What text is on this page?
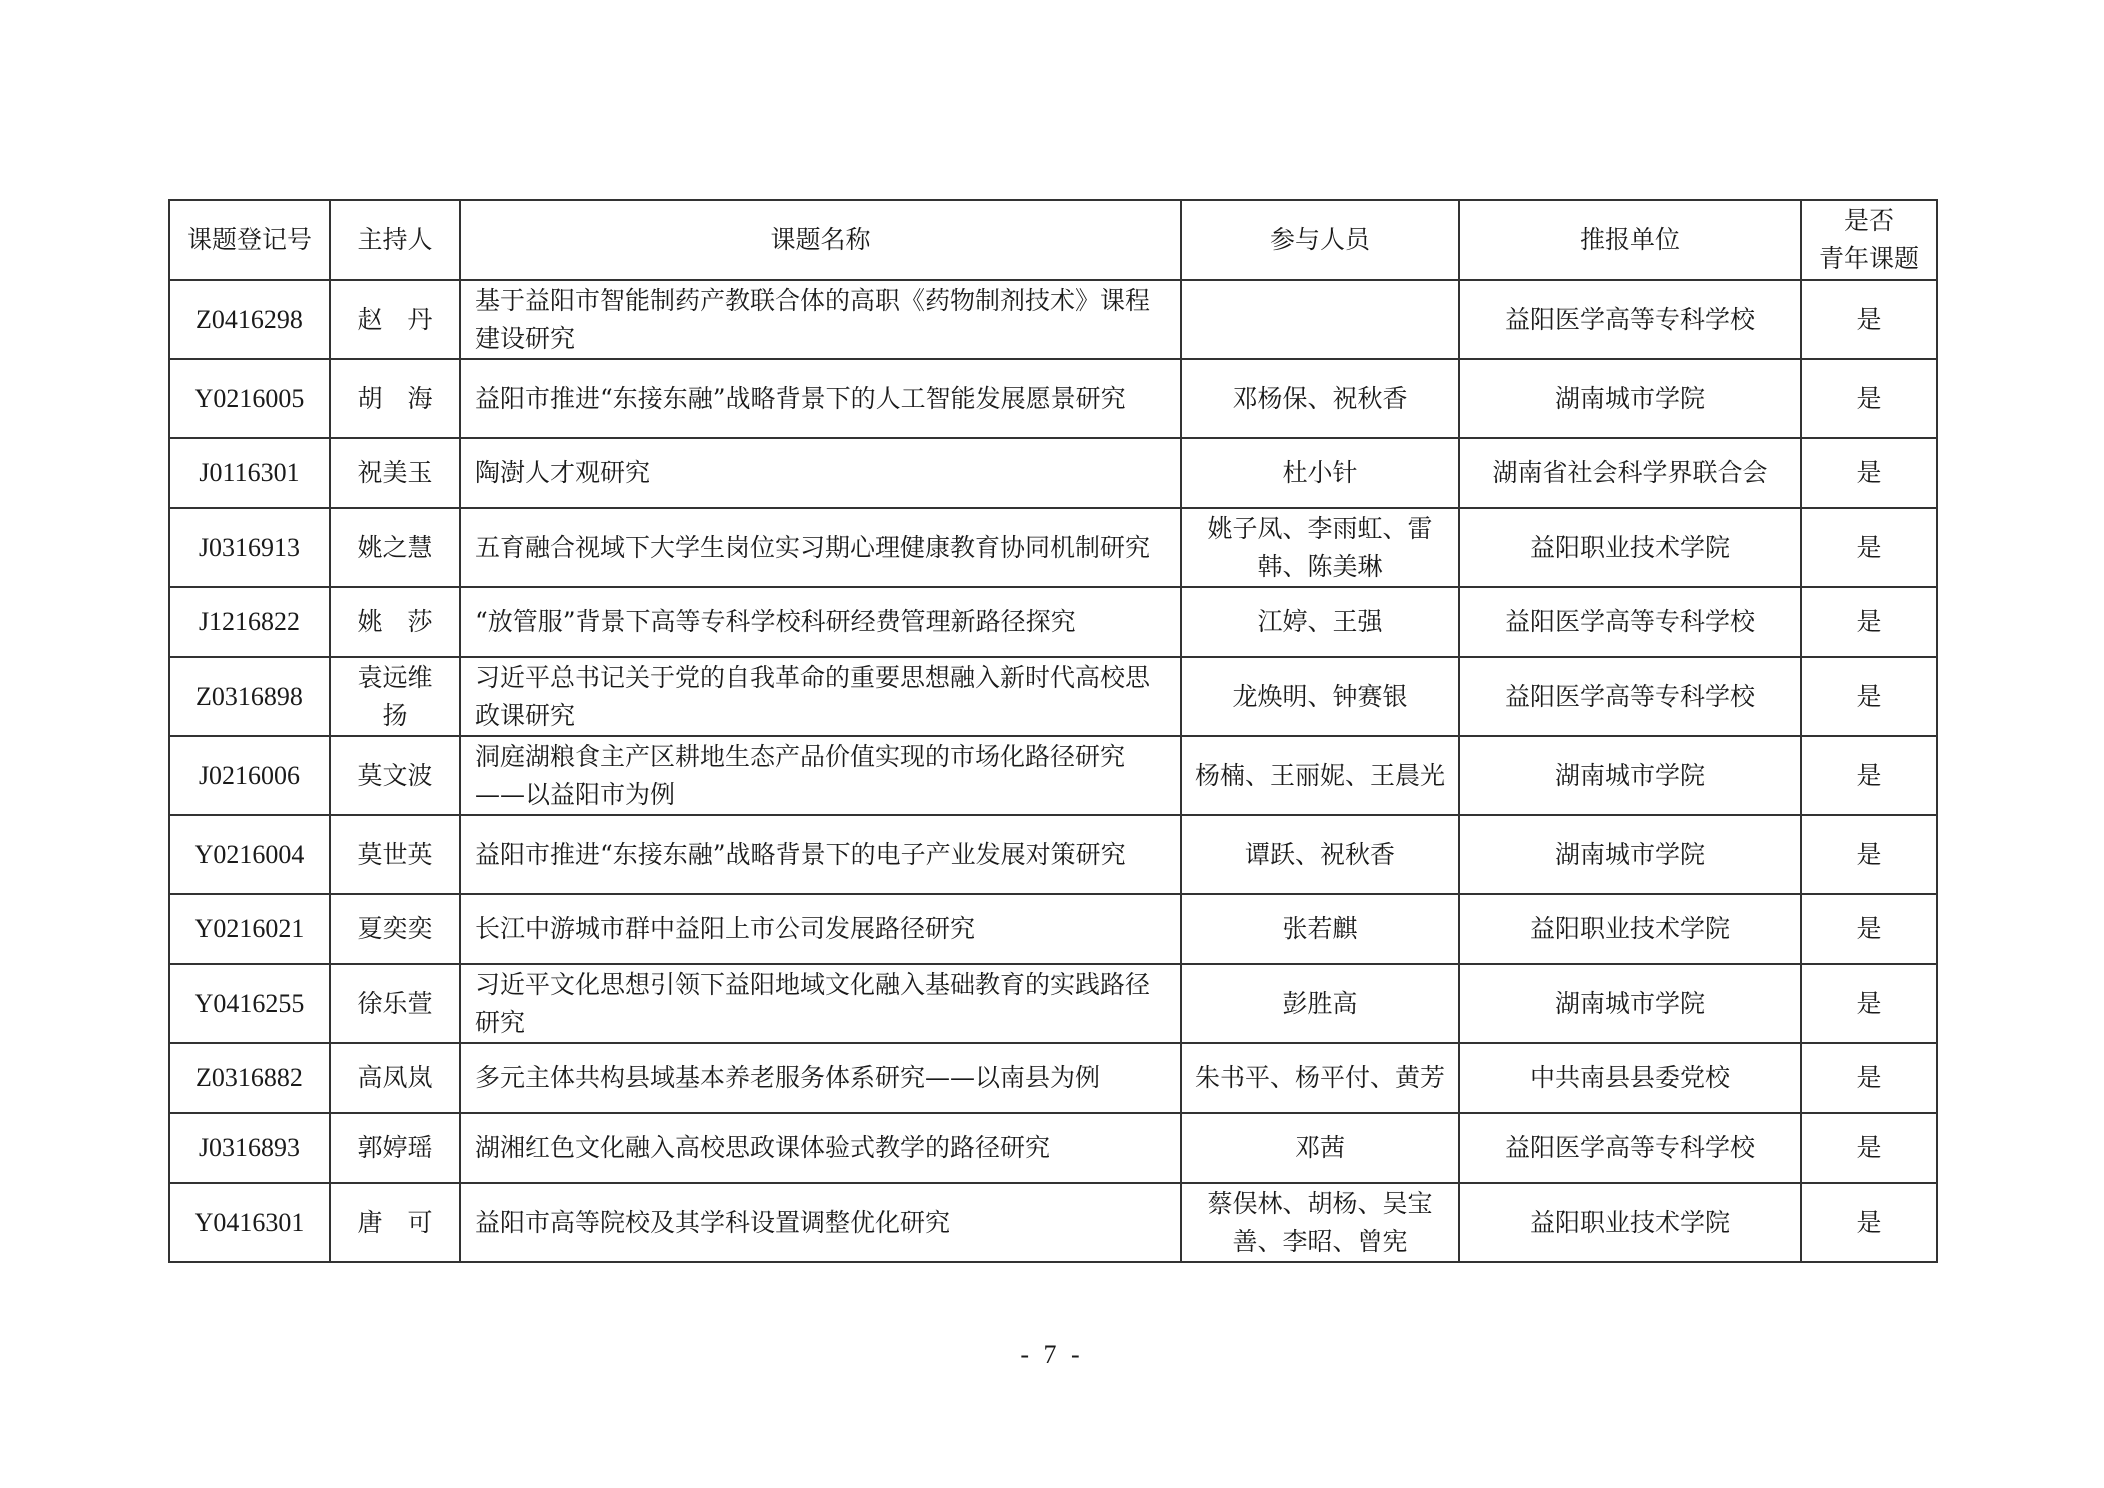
课题登记号	主持人	课题名称	参与人员	推报单位	是否
青年课题
Z0416298	赵　丹	基于益阳市智能制药产教联合体的高职《药物制剂技术》课程建设研究		益阳医学高等专科学校	是
Y0216005	胡　海	益阳市推进“东接东融”战略背景下的人工智能发展愿景研究	邓杨保、祝秋香	湖南城市学院	是
J0116301	祝美玉	陶澍人才观研究	杜小针	湖南省社会科学界联合会	是
J0316913	姚之慧	五育融合视域下大学生岗位实习期心理健康教育协同机制研究	姚子凤、李雨虹、雷韩、陈美琳	益阳职业技术学院	是
J1216822	姚　莎	“放管服”背景下高等专科学校科研经费管理新路径探究	江婷、王强	益阳医学高等专科学校	是
Z0316898	袁远维扬	习近平总书记关于党的自我革命的重要思想融入新时代高校思政课研究	龙焕明、钟赛银	益阳医学高等专科学校	是
J0216006	莫文波	洞庭湖粮食主产区耕地生态产品价值实现的市场化路径研究——以益阳市为例	杨楠、王丽妮、王晨光	湖南城市学院	是
Y0216004	莫世英	益阳市推进“东接东融”战略背景下的电子产业发展对策研究	谭跃、祝秋香	湖南城市学院	是
Y0216021	夏奕奕	长江中游城市群中益阳上市公司发展路径研究	张若麒	益阳职业技术学院	是
Y0416255	徐乐萱	习近平文化思想引领下益阳地域文化融入基础教育的实践路径研究	彭胜高	湖南城市学院	是
Z0316882	高凤岚	多元主体共构县域基本养老服务体系研究——以南县为例	朱书平、杨平付、黄芳	中共南县县委党校	是
J0316893	郭婷瑶	湖湘红色文化融入高校思政课体验式教学的路径研究	邓茜	益阳医学高等专科学校	是
Y0416301	唐　可	益阳市高等院校及其学科设置调整优化研究	蔡俣林、胡杨、吴宝善、李昭、曾宪	益阳职业技术学院	是
- 7 -
